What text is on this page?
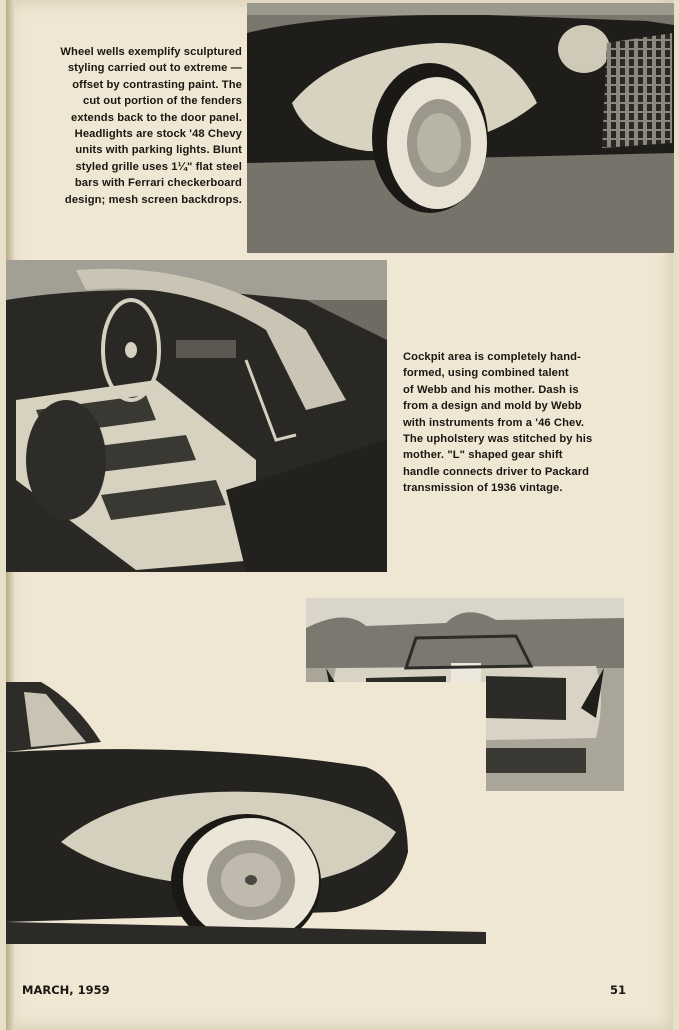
Wheel wells exemplify sculptured
styling carried out to extreme —
offset by contrasting paint. The
cut out portion of the fenders
extends back to the door panel.
Headlights are stock '48 Chevy
units with parking lights. Blunt
styled grille uses 1¼" flat steel
bars with Ferrari checkerboard
design; mesh screen backdrops.
Cockpit area is completely hand-
formed, using combined talent
of Webb and his mother. Dash is
from a design and mold by Webb
with instruments from a '46 Chev.
The upholstery was stitched by his
mother. "L" shaped gear shift
handle connects driver to Packard
transmission of 1936 vintage.
MARCH, 1959	51
